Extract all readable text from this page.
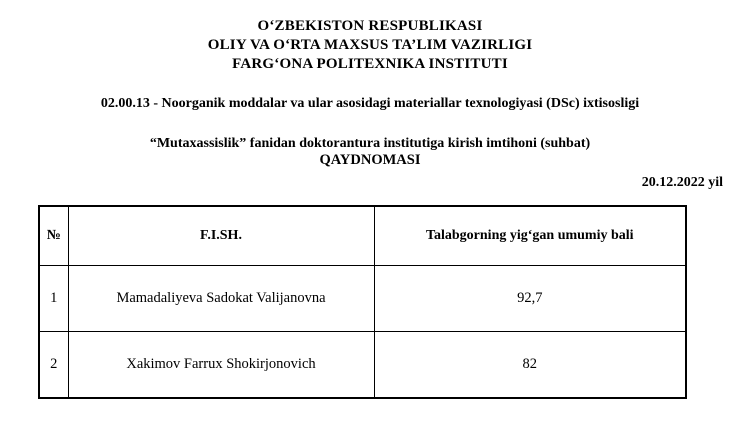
OʻZBEKISTON RESPUBLIKASI
OLIY VA OʻRTA MAXSUS TA’LIM VAZIRLIGI
FARGʻONA POLITEXNIKA INSTITUTI
02.00.13 - Noorganik moddalar va ular asosidagi materiallar texnologiyasi (DSc) ixtisosligi
“Mutaxassislik” fanidan doktorantura institutiga kirish imtihoni (suhbat)
QAYDNOMASI
20.12.2022 yil
№	F.I.SH.	Talabgorning yigʻgan umumiy bali
1	Mamadaliyeva Sadokat Valijanovna	92,7
2	Xakimov Farrux Shokirjonovich	82
